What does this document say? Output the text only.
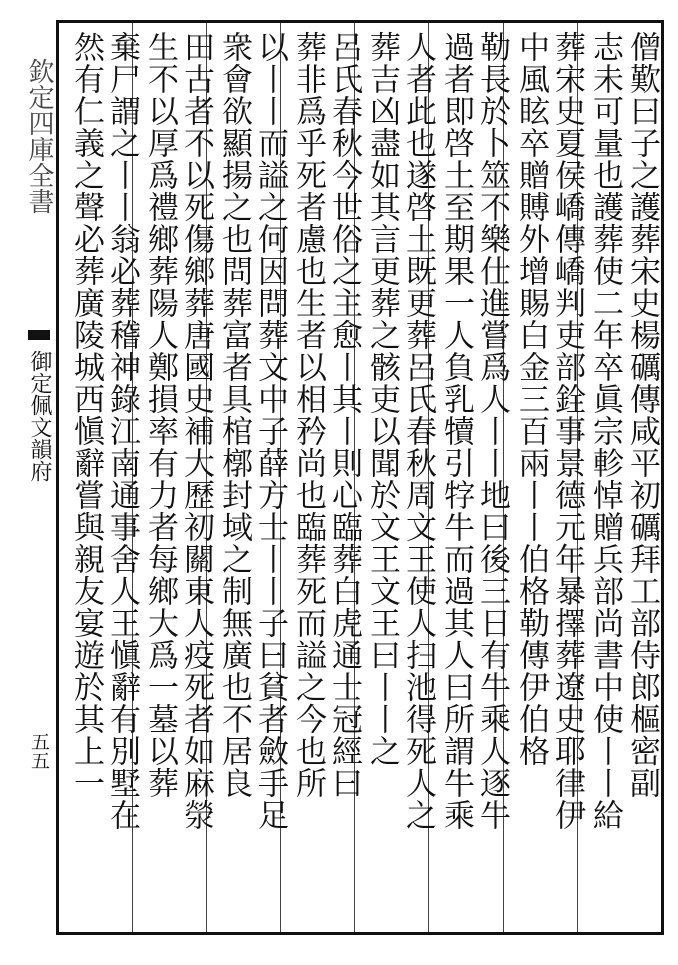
欽定四庫全書
御定佩文韻府
五五	僧歎曰子之護葬宋史楊礪傳咸平初礪拜工部侍郎樞密副
志未可量也護葬使二年卒眞宗軫悼贈兵部尚書中使丨丨給
葬宋史夏侯嶠傳嶠判吏部銓事景德元年暴擇葬遼史耶律伊
中風眩卒贈賻外增賜白金三百兩丨丨伯格勒傳伊伯格
勒長於卜筮不樂仕進嘗爲人丨丨地曰後三日有牛乘人逐牛
過者即啓土至期果一人負乳犢引牸牛而過其人曰所謂牛乘
人者此也遂啓土既更葬呂氏春秋周文王使人扫池得死人之
葬吉凶盡如其言更葬之骸吏以聞於文王文王曰丨丨之
呂氏春秋今世俗之主愈丨其丨則心臨葬白虎通士冠經曰
葬非爲乎死者慮也生者以相矜尚也臨葬死而謚之今也所
以丨丨而謚之何因問葬文中子薛方士丨丨子曰貧者斂手足
衆會欲顯揚之也問葬富者具棺槨封域之制無廣也不居良
田古者不以死傷鄉葬唐國史補大歷初關東人疫死者如麻滎
生不以厚爲禮鄉葬陽人鄭損率有力者每鄉大爲一墓以葬
棄尸謂之丨丨翁必葬稽神錄江南通事舍人王愼辭有別墅在
然有仁義之聲必葬廣陵城西愼辭嘗與親友宴遊於其上一
